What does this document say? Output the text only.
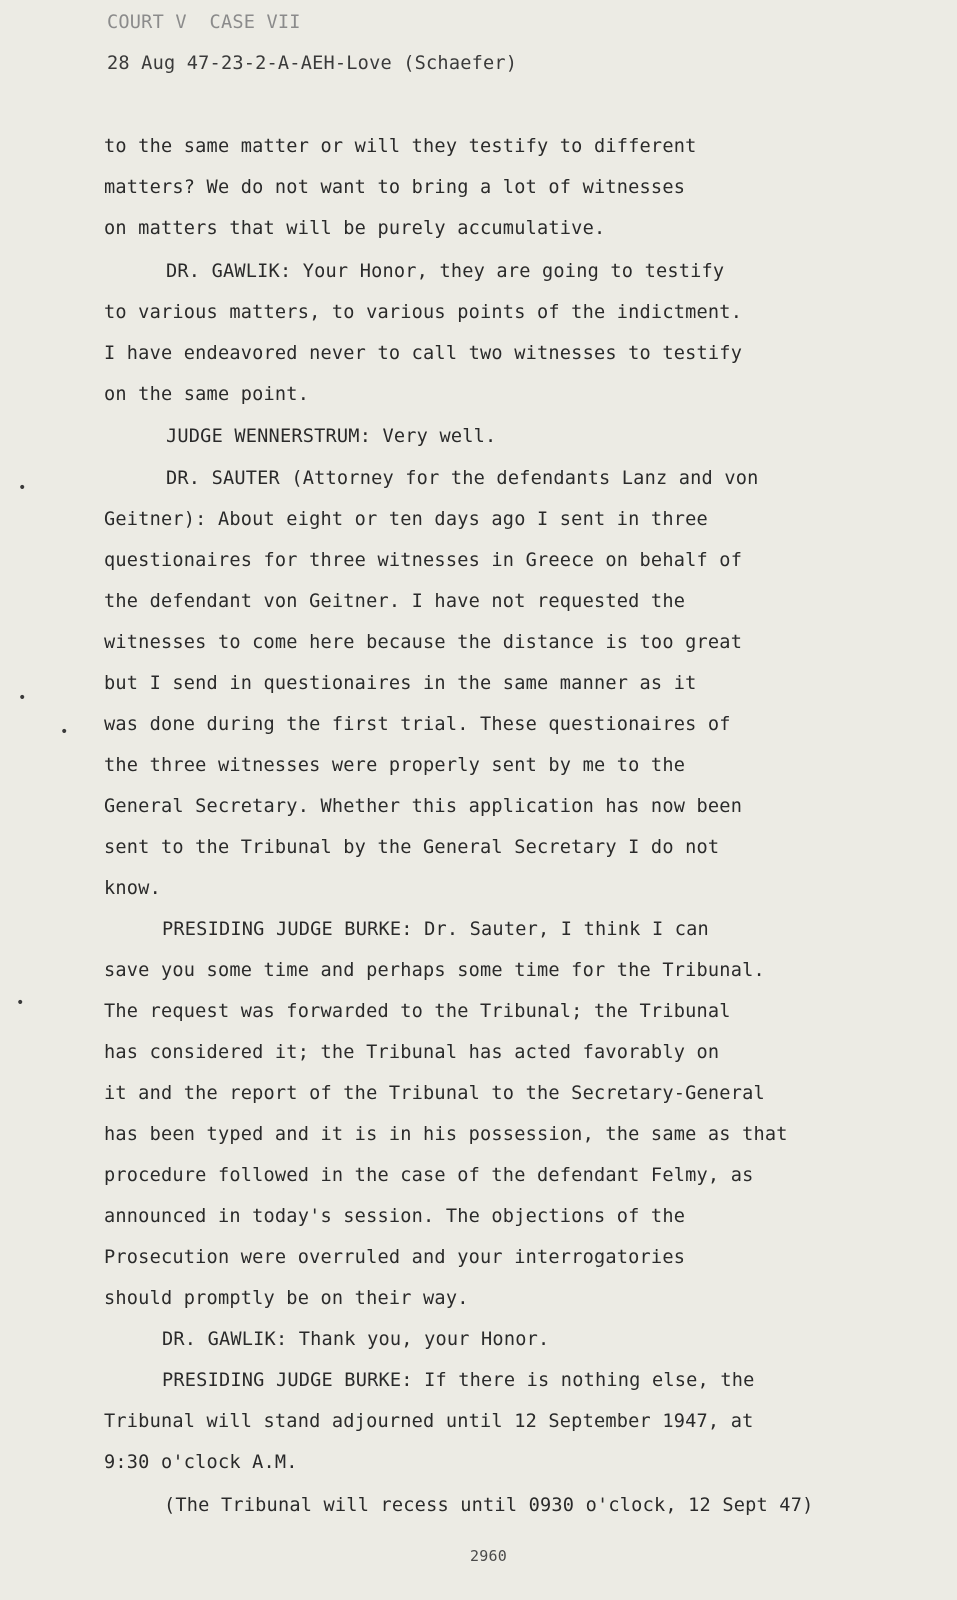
COURT V  CASE VII
28 Aug 47-23-2-A-AEH-Love (Schaefer)
to the same matter or will they testify to different
matters? We do not want to bring a lot of witnesses
on matters that will be purely accumulative.
DR. GAWLIK: Your Honor, they are going to testify
to various matters, to various points of the indictment.
I have endeavored never to call two witnesses to testify
on the same point.
JUDGE WENNERSTRUM: Very well.
DR. SAUTER (Attorney for the defendants Lanz and von
Geitner): About eight or ten days ago I sent in three
questionaires for three witnesses in Greece on behalf of
the defendant von Geitner. I have not requested the
witnesses to come here because the distance is too great
but I send in questionaires in the same manner as it
was done during the first trial. These questionaires of
the three witnesses were properly sent by me to the
General Secretary. Whether this application has now been
sent to the Tribunal by the General Secretary I do not
know.
PRESIDING JUDGE BURKE: Dr. Sauter, I think I can
save you some time and perhaps some time for the Tribunal.
The request was forwarded to the Tribunal; the Tribunal
has considered it; the Tribunal has acted favorably on
it and the report of the Tribunal to the Secretary-General
has been typed and it is in his possession, the same as that
procedure followed in the case of the defendant Felmy, as
announced in today's session. The objections of the
Prosecution were overruled and your interrogatories
should promptly be on their way.
DR. GAWLIK: Thank you, your Honor.
PRESIDING JUDGE BURKE: If there is nothing else, the
Tribunal will stand adjourned until 12 September 1947, at
9:30 o'clock A.M.
(The Tribunal will recess until 0930 o'clock, 12 Sept 47)
2960
•
•
•
•
